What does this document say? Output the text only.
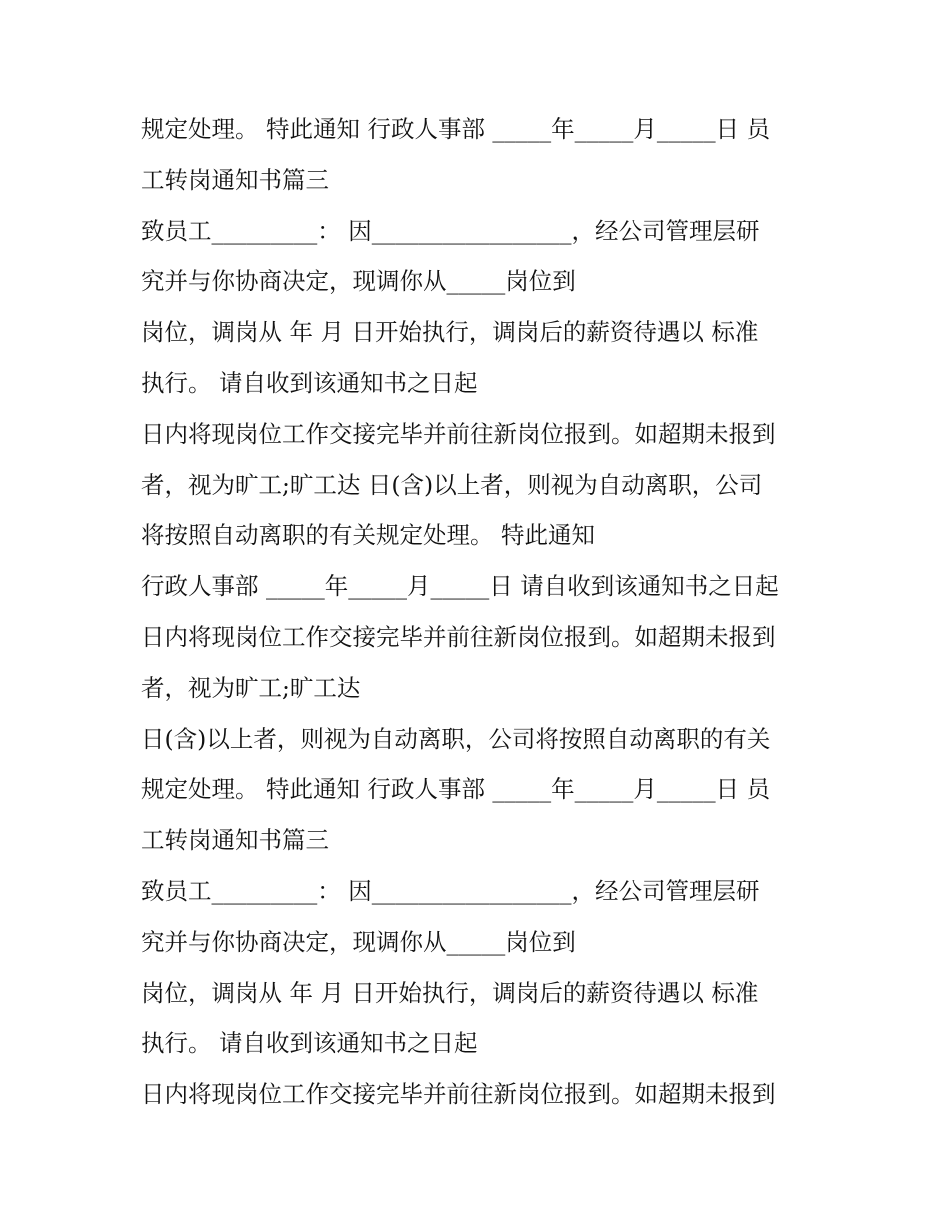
规定处理。 特此通知 行政人事部 _____年_____月_____日 员
工转岗通知书篇三
致员工_________： 因_________________，经公司管理层研
究并与你协商决定，现调你从_____岗位到
岗位，调岗从 年 月 日开始执行，调岗后的薪资待遇以 标准
执行。 请自收到该通知书之日起
日内将现岗位工作交接完毕并前往新岗位报到。如超期未报到
者，视为旷工;旷工达 日(含)以上者，则视为自动离职，公司
将按照自动离职的有关规定处理。 特此通知
行政人事部 _____年_____月_____日 请自收到该通知书之日起
日内将现岗位工作交接完毕并前往新岗位报到。如超期未报到
者，视为旷工;旷工达
日(含)以上者，则视为自动离职，公司将按照自动离职的有关
规定处理。 特此通知 行政人事部 _____年_____月_____日 员
工转岗通知书篇三
致员工_________： 因_________________，经公司管理层研
究并与你协商决定，现调你从_____岗位到
岗位，调岗从 年 月 日开始执行，调岗后的薪资待遇以 标准
执行。 请自收到该通知书之日起
日内将现岗位工作交接完毕并前往新岗位报到。如超期未报到
